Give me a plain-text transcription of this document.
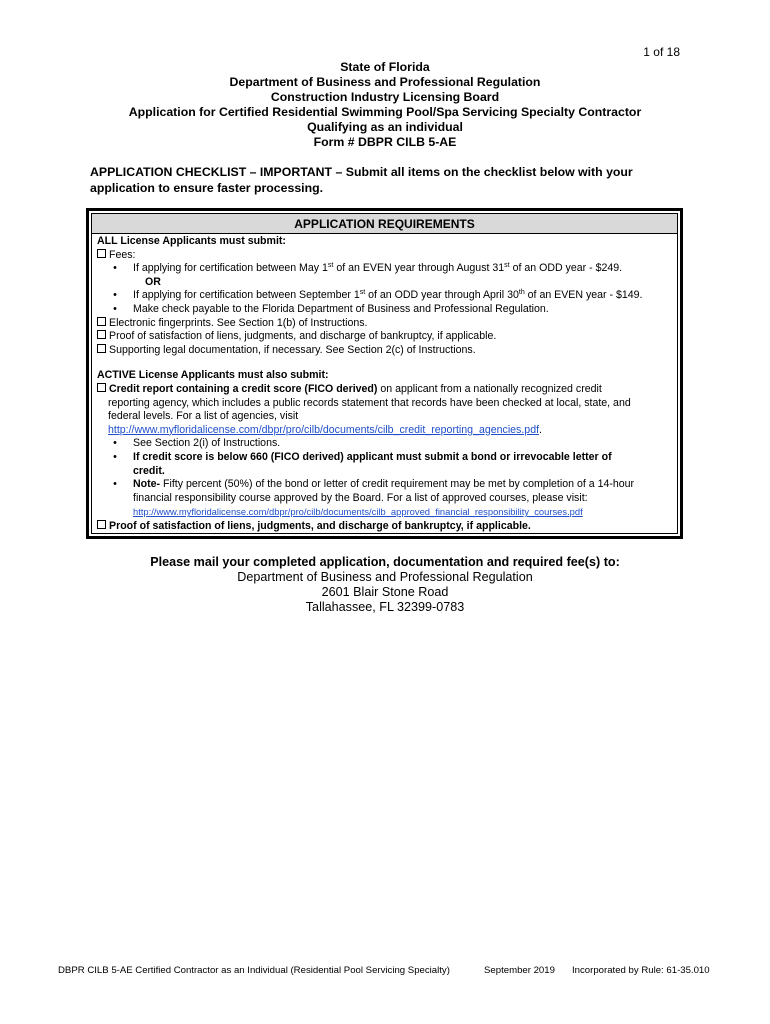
1 of 18
State of Florida
Department of Business and Professional Regulation
Construction Industry Licensing Board
Application for Certified Residential Swimming Pool/Spa Servicing Specialty Contractor
Qualifying as an individual
Form # DBPR CILB 5-AE
APPLICATION CHECKLIST – IMPORTANT – Submit all items on the checklist below with your
application to ensure faster processing.
APPLICATION REQUIREMENTS
ALL License Applicants must submit:
Fees:
•	If applying for certification between May 1st of an EVEN year through August 31st of an ODD year - $249.
OR
•	If applying for certification between September 1st of an ODD year through April 30th of an EVEN year - $149.
•	Make check payable to the Florida Department of Business and Professional Regulation.
Electronic fingerprints. See Section 1(b) of Instructions.
Proof of satisfaction of liens, judgments, and discharge of bankruptcy, if applicable.
Supporting legal documentation, if necessary. See Section 2(c) of Instructions.
ACTIVE License Applicants must also submit:
Credit report containing a credit score (FICO derived) on applicant from a nationally recognized credit
reporting agency, which includes a public records statement that records have been checked at local, state, and
federal levels. For a list of agencies, visit
http://www.myfloridalicense.com/dbpr/pro/cilb/documents/cilb_credit_reporting_agencies.pdf.
•	See Section 2(i) of Instructions.
•	If credit score is below 660 (FICO derived) applicant must submit a bond or irrevocable letter of
credit.
•	Note- Fifty percent (50%) of the bond or letter of credit requirement may be met by completion of a 14-hour
financial responsibility course approved by the Board. For a list of approved courses, please visit:
http://www.myfloridalicense.com/dbpr/pro/cilb/documents/cilb_approved_financial_responsibility_courses.pdf
Proof of satisfaction of liens, judgments, and discharge of bankruptcy, if applicable.
Please mail your completed application, documentation and required fee(s) to:
Department of Business and Professional Regulation
2601 Blair Stone Road
Tallahassee, FL 32399-0783
DBPR CILB 5-AE Certified Contractor as an Individual (Residential Pool Servicing Specialty)	September 2019 Incorporated by Rule: 61-35.010
